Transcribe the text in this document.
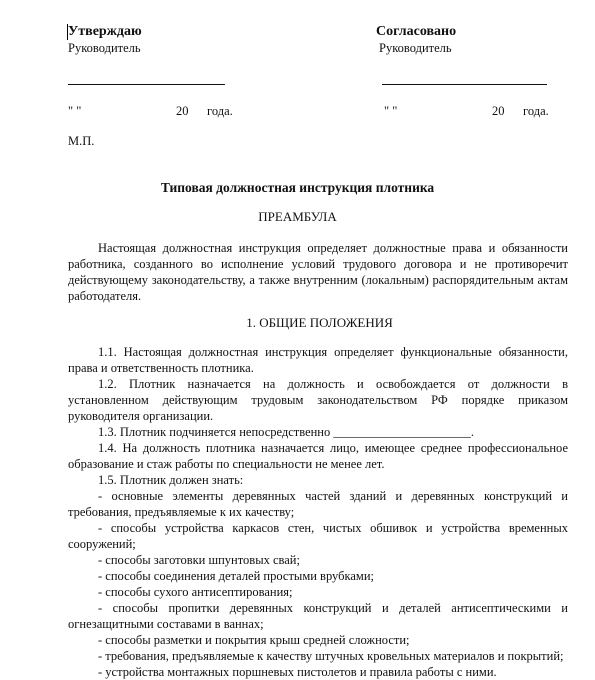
Утверждаю
Руководитель
" "	20 года.
М.П.
Согласовано
Руководитель
" "	20 года.
Типовая должностная инструкция плотника
ПРЕАМБУЛА

Настоящая должностная инструкция определяет должностные права и обязанности работника, созданного во исполнение условий трудового договора и не противоречит действующему законодательству, а также внутренним (локальным) распорядительным актам работодателя.

1. ОБЩИЕ ПОЛОЖЕНИЯ

1.1. Настоящая должностная инструкция определяет функциональные обязанности, права и ответственность плотника.

1.2. Плотник назначается на должность и освобождается от должности в установленном действующим трудовым законодательством РФ порядке приказом руководителя организации.

1.3. Плотник подчиняется непосредственно ______________________.

1.4. На должность плотника назначается лицо, имеющее среднее профессиональное образование и стаж работы по специальности не менее лет.

1.5. Плотник должен знать:

- основные элементы деревянных частей зданий и деревянных конструкций и требования, предъявляемые к их качеству;

- способы устройства каркасов стен, чистых обшивок и устройства временных сооружений;

- способы заготовки шпунтовых свай;

- способы соединения деталей простыми врубками;

- способы сухого антисептирования;

- способы пропитки деревянных конструкций и деталей антисептическими и огнезащитными составами в ваннах;

- способы разметки и покрытия крыш средней сложности;

- требования, предъявляемые к качеству штучных кровельных материалов и покрытий;

- устройства монтажных поршневых пистолетов и правила работы с ними.
